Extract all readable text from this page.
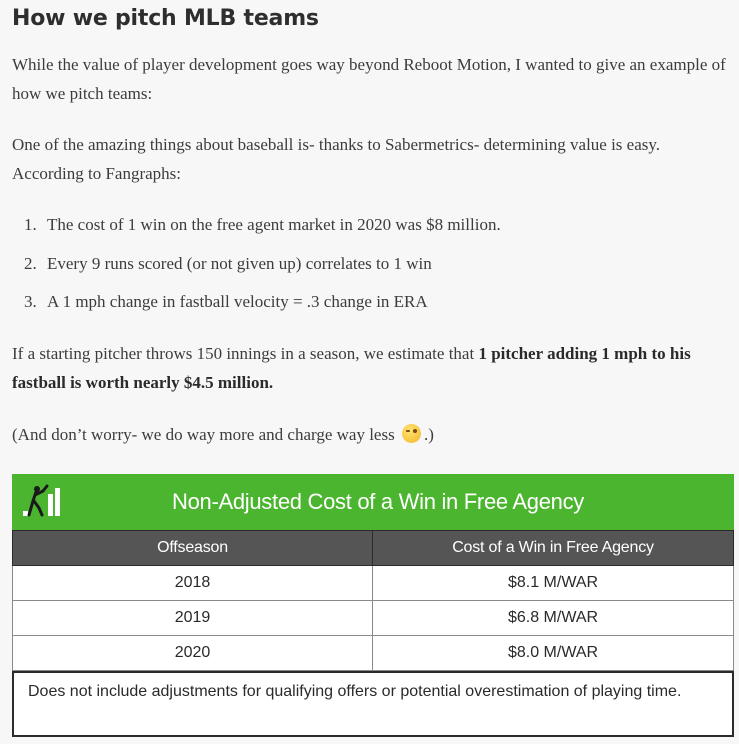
How we pitch MLB teams

While the value of player development goes way beyond Reboot Motion, I wanted to give an example of how we pitch teams:

One of the amazing things about baseball is- thanks to Sabermetrics- determining value is easy. According to Fangraphs:

1. The cost of 1 win on the free agent market in 2020 was $8 million.
2. Every 9 runs scored (or not given up) correlates to 1 win
3. A 1 mph change in fastball velocity = .3 change in ERA

If a starting pitcher throws 150 innings in a season, we estimate that 1 pitcher adding 1 mph to his fastball is worth nearly $4.5 million.

(And don’t worry- we do way more and charge way less .)

Non-Adjusted Cost of a Win in Free Agency
Offseason	Cost of a Win in Free Agency
2018	$8.1 M/WAR
2019	$6.8 M/WAR
2020	$8.0 M/WAR
Does not include adjustments for qualifying offers or potential overestimation of playing time.
